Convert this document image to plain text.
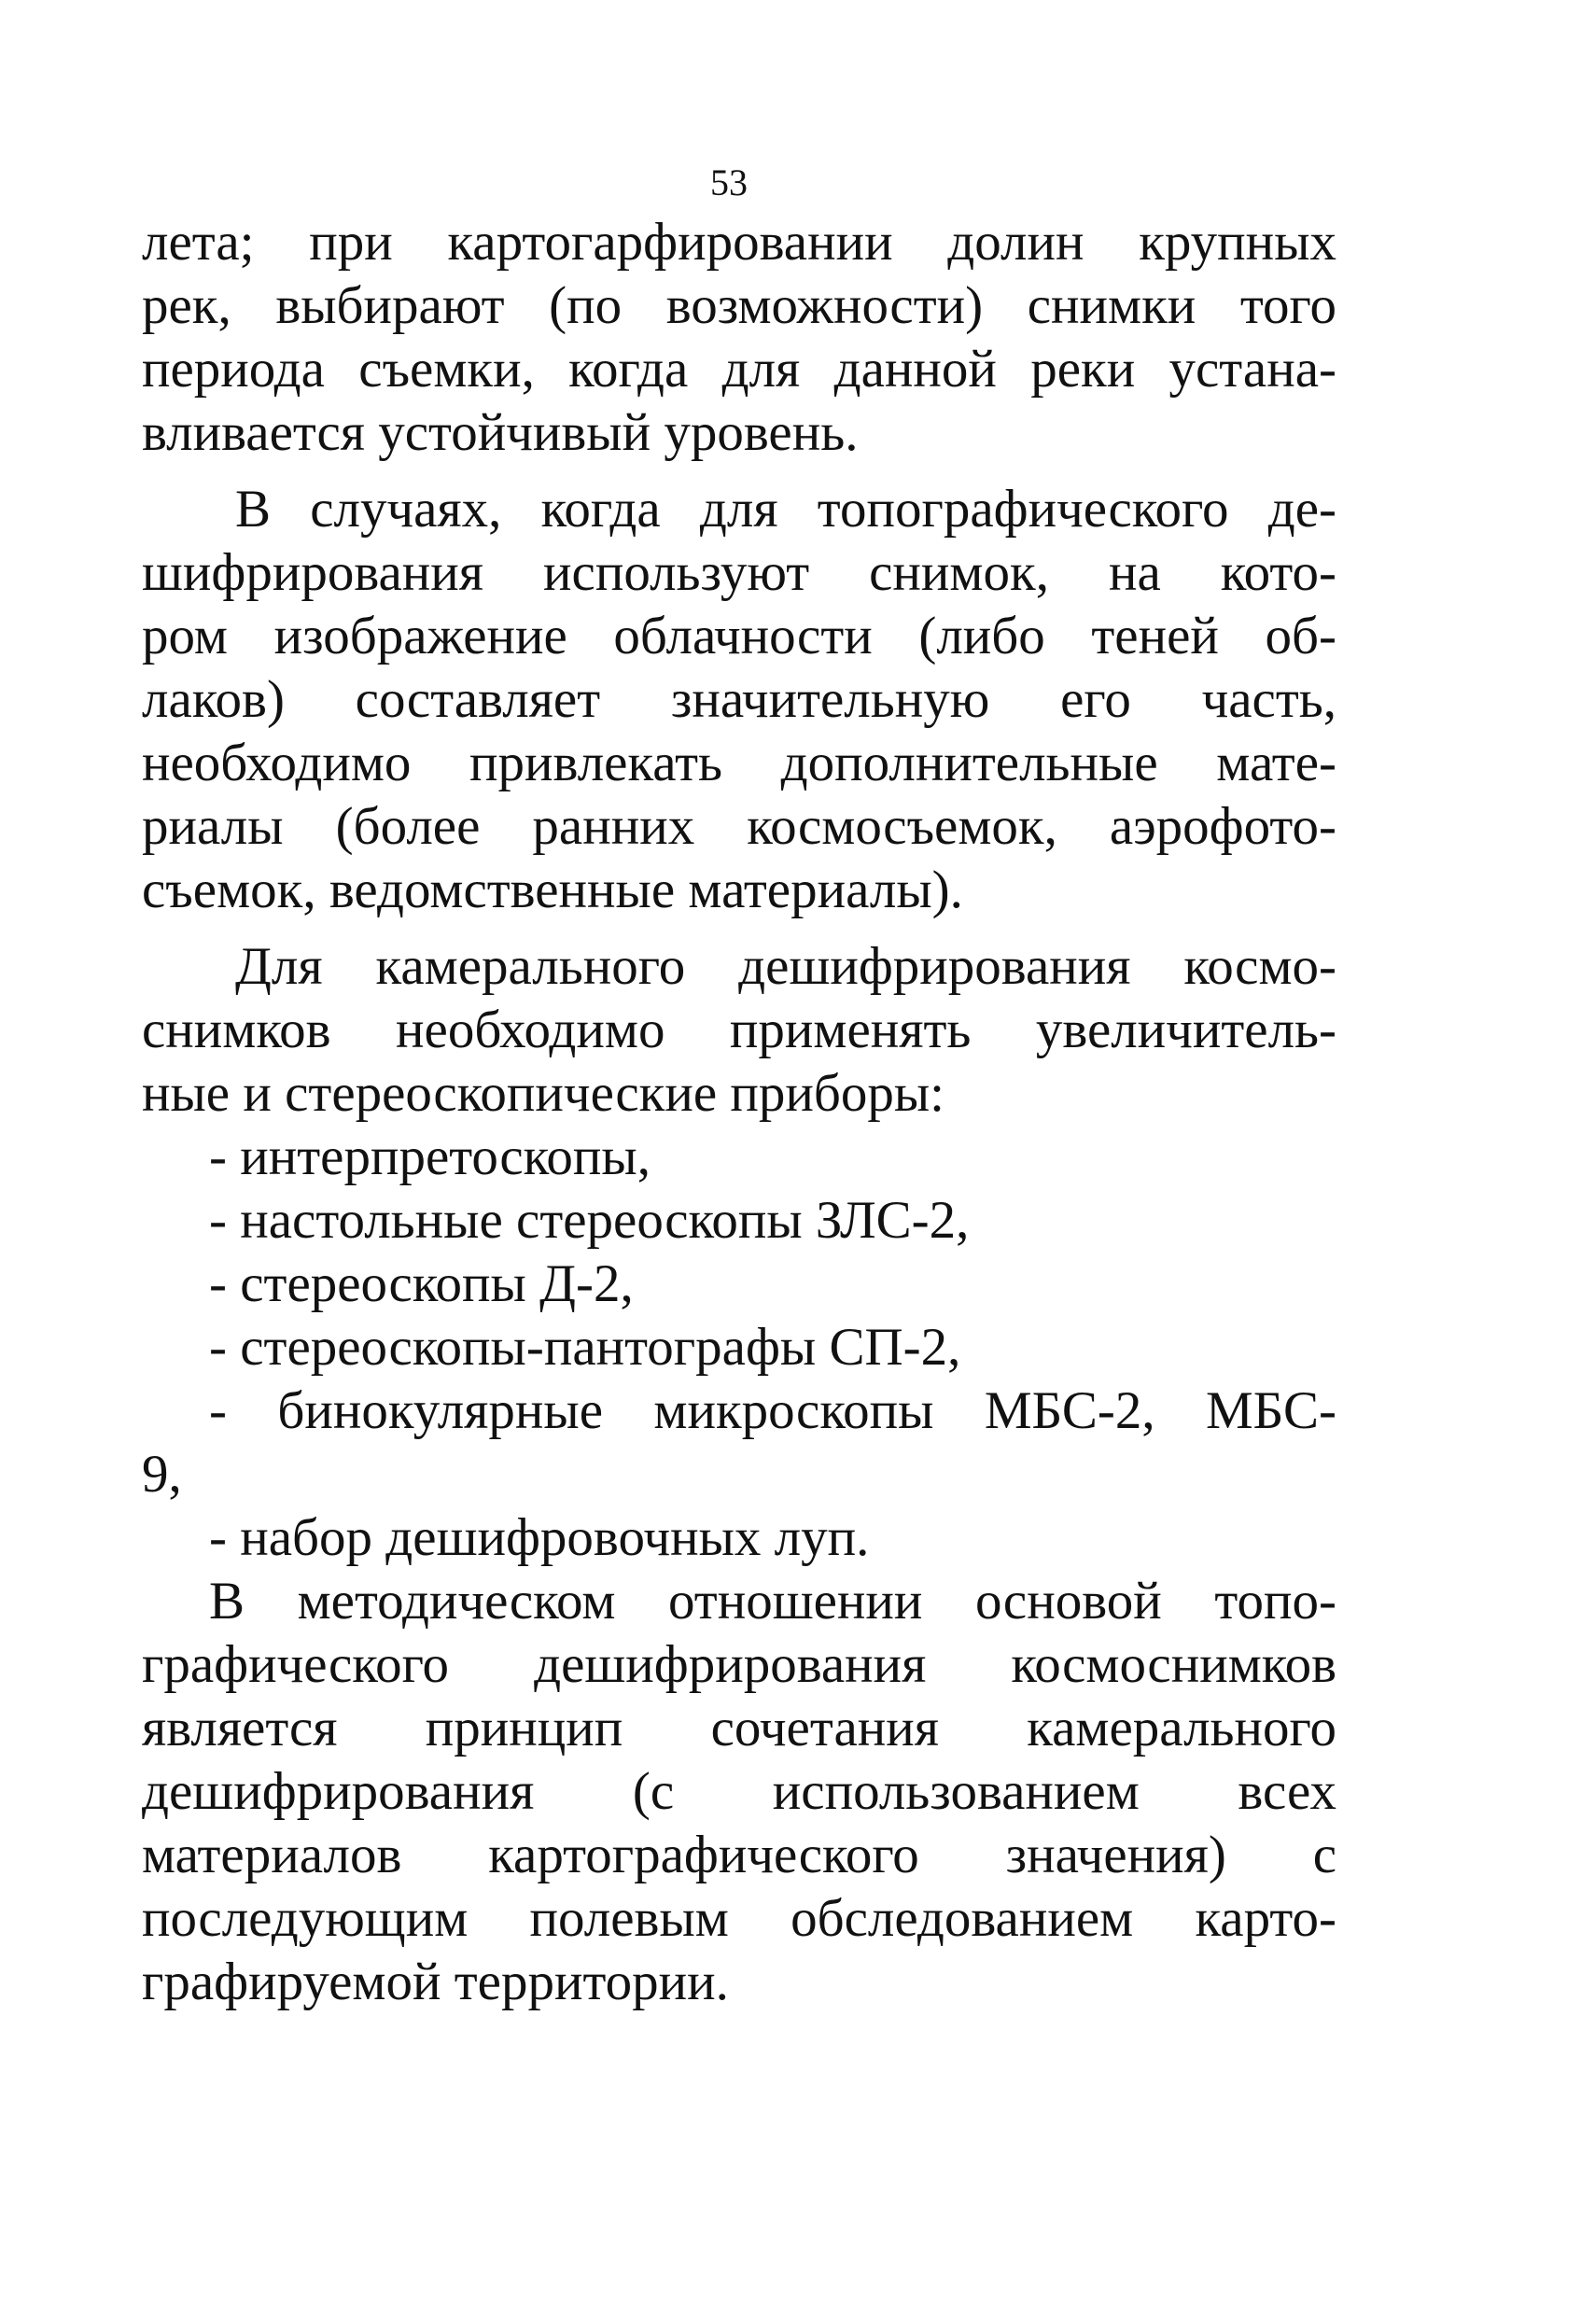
53
лета; при картогарфировании долин крупных
рек, выбирают (по возможности) снимки того
периода съемки, когда для данной реки устана-
вливается устойчивый уровень.
В случаях, когда для топографического де-
шифрирования используют снимок, на кото-
ром изображение облачности (либо теней об-
лаков) составляет значительную его часть,
необходимо привлекать дополнительные мате-
риалы (более ранних космосъемок, аэрофото-
съемок, ведомственные материалы).
Для камерального дешифрирования космо-
снимков необходимо применять увеличитель-
ные и стереоскопические приборы:
- интерпретоскопы,
- настольные стереоскопы ЗЛС-2,
- стереоскопы Д-2,
- стереоскопы-пантографы СП-2,
- бинокулярные микроскопы МБС-2, МБС-
9,
- набор дешифровочных луп.
В методическом отношении основой топо-
графического дешифрирования космоснимков
является принцип сочетания камерального
дешифрирования (с использованием всех
материалов картографического значения) с
последующим полевым обследованием карто-
графируемой территории.
